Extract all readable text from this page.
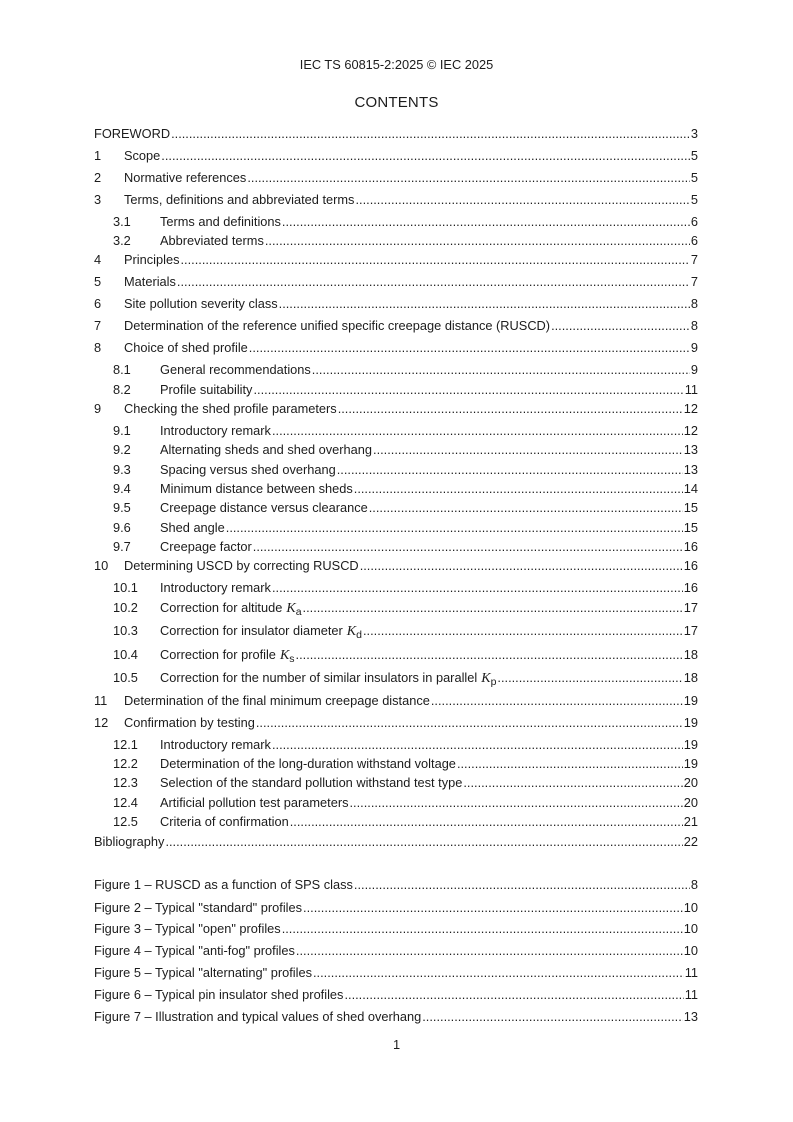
IEC TS 60815-2:2025 © IEC 2025
CONTENTS
FOREWORD .....	3
1	Scope .....	5
2	Normative references .....	5
3	Terms, definitions and abbreviated terms .....	5
3.1	Terms and definitions .....	6
3.2	Abbreviated terms .....	6
4	Principles .....	7
5	Materials .....	7
6	Site pollution severity class .....	8
7	Determination of the reference unified specific creepage distance (RUSCD) .....	8
8	Choice of shed profile .....	9
8.1	General recommendations .....	9
8.2	Profile suitability .....	11
9	Checking the shed profile parameters .....	12
9.1	Introductory remark .....	12
9.2	Alternating sheds and shed overhang .....	13
9.3	Spacing versus shed overhang .....	13
9.4	Minimum distance between sheds .....	14
9.5	Creepage distance versus clearance .....	15
9.6	Shed angle .....	15
9.7	Creepage factor .....	16
10	Determining USCD by correcting RUSCD .....	16
10.1	Introductory remark .....	16
10.2	Correction for altitude $K_a$ .....	17
10.3	Correction for insulator diameter $K_d$ .....	17
10.4	Correction for profile $K_s$ .....	18
10.5	Correction for the number of similar insulators in parallel $K_p$ .....	18
11	Determination of the final minimum creepage distance .....	19
12	Confirmation by testing .....	19
12.1	Introductory remark .....	19
12.2	Determination of the long-duration withstand voltage .....	19
12.3	Selection of the standard pollution withstand test type .....	20
12.4	Artificial pollution test parameters .....	20
12.5	Criteria of confirmation .....	21
Bibliography .....	22
Figure 1 – RUSCD as a function of SPS class .....	8
Figure 2 – Typical "standard" profiles .....	10
Figure 3 – Typical "open" profiles .....	10
Figure 4 – Typical "anti-fog" profiles .....	10
Figure 5 – Typical "alternating" profiles .....	11
Figure 6 – Typical pin insulator shed profiles .....	11
Figure 7 – Illustration and typical values of shed overhang .....	13
1
